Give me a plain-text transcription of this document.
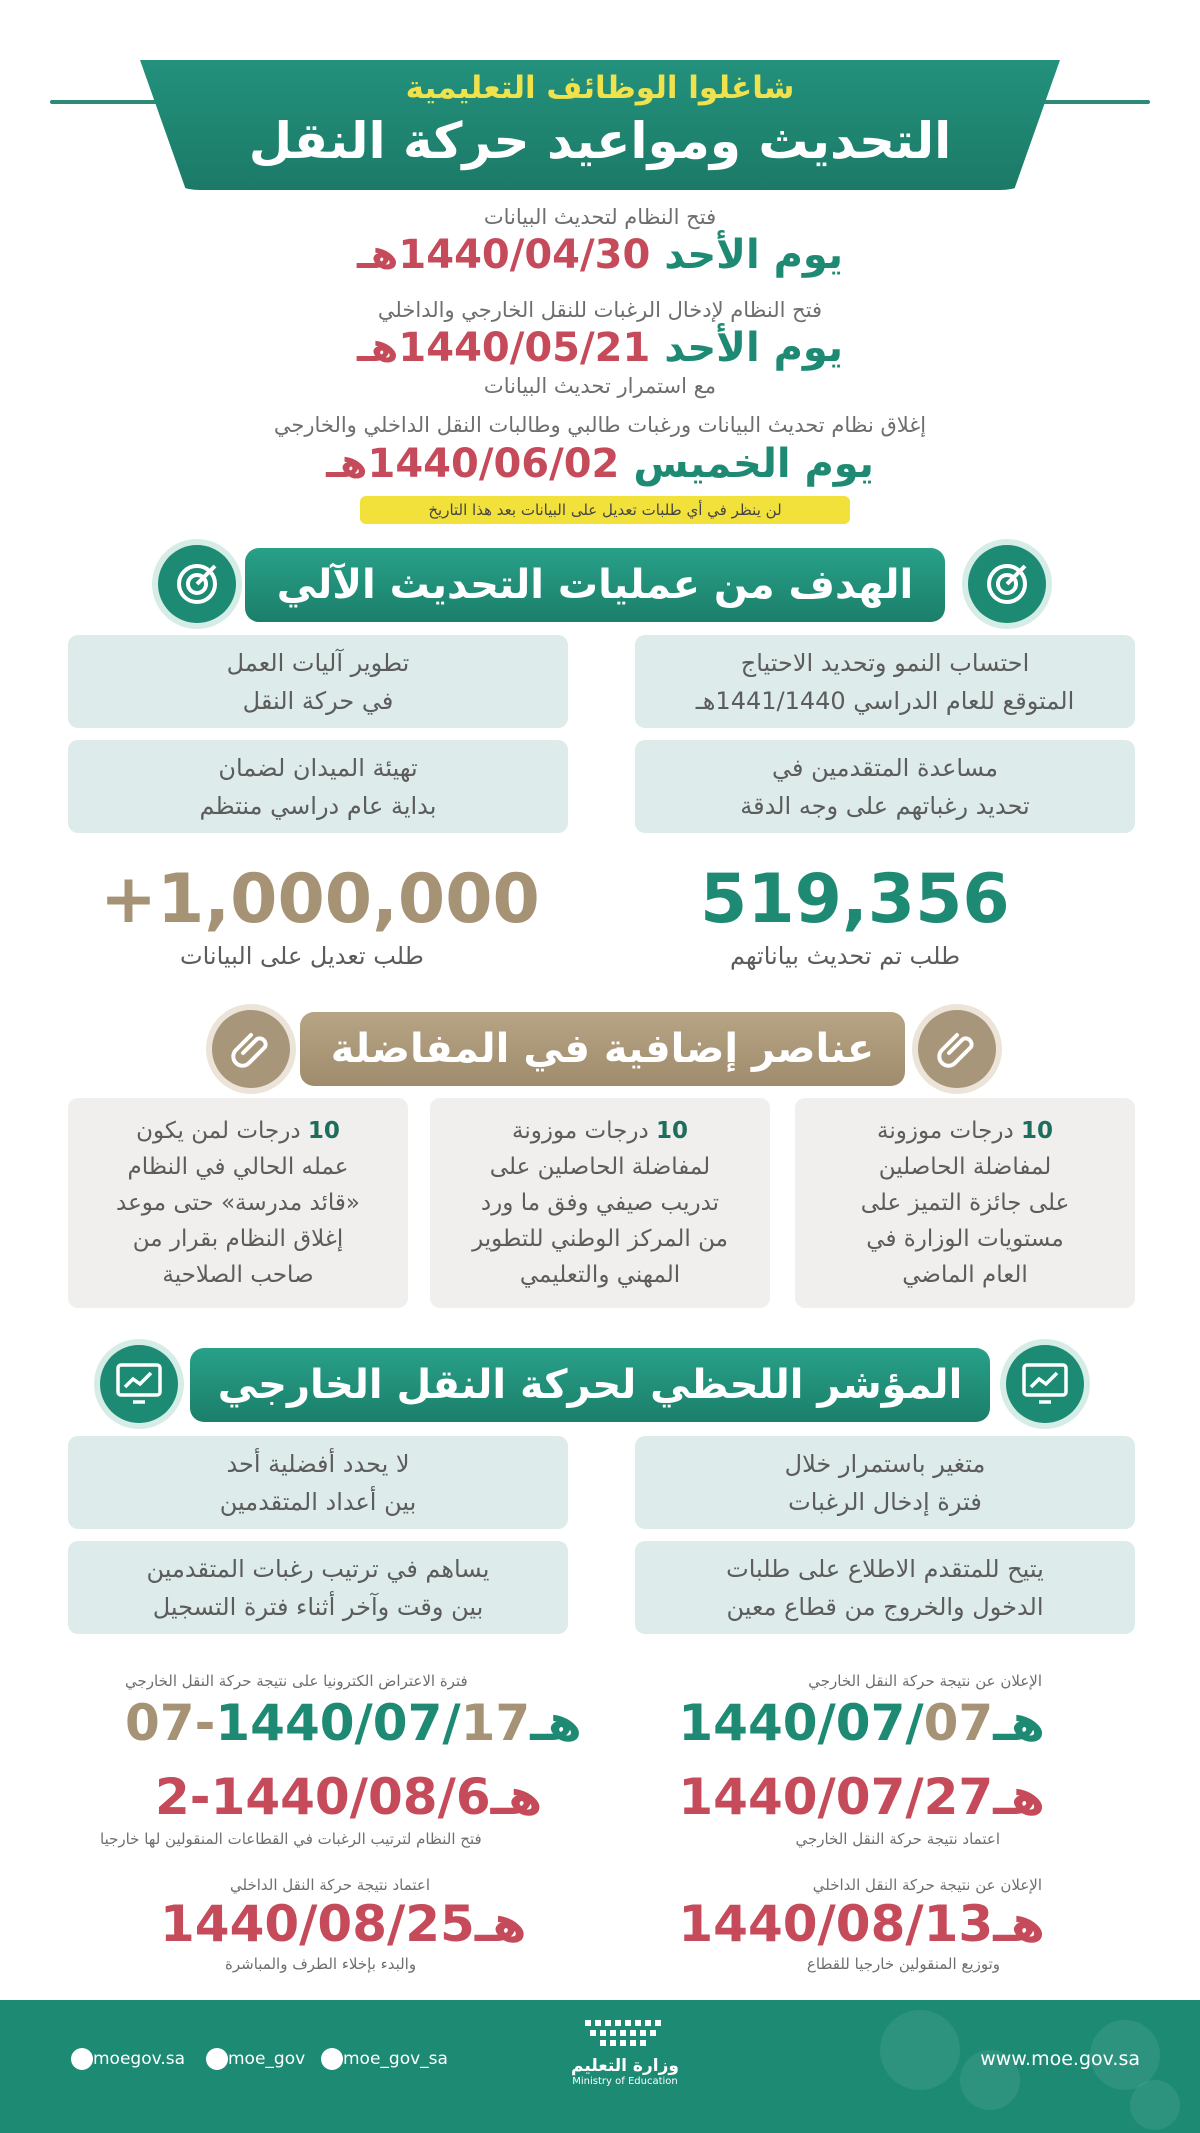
شاغلوا الوظائف التعليمية
التحديث ومواعيد حركة النقل
فتح النظام لتحديث البيانات
يوم الأحد 1440/04/30هـ
فتح النظام لإدخال الرغبات للنقل الخارجي والداخلي
يوم الأحد 1440/05/21هـ
مع استمرار تحديث البيانات
إغلاق نظام تحديث البيانات ورغبات طالبي وطالبات النقل الداخلي والخارجي
يوم الخميس 1440/06/02هـ
لن ينظر في أي طلبات تعديل على البيانات بعد هذا التاريخ
الهدف من عمليات التحديث الآلي
احتساب النمو وتحديد الاحتياج
المتوقع للعام الدراسي 1441/1440هـ
تطوير آليات العمل
في حركة النقل
مساعدة المتقدمين في
تحديد رغباتهم على وجه الدقة
تهيئة الميدان لضمان
بداية عام دراسي منتظم
519,356
طلب تم تحديث بياناتهم
+1,000,000
طلب تعديل على البيانات
عناصر إضافية في المفاضلة
10 درجات موزونة
لمفاضلة الحاصلين
على جائزة التميز على
مستويات الوزارة في
العام الماضي
10 درجات موزونة
لمفاضلة الحاصلين على
تدريب صيفي وفق ما ورد
من المركز الوطني للتطوير
المهني والتعليمي
10 درجات لمن يكون
عمله الحالي في النظام
«قائد مدرسة» حتى موعد
إغلاق النظام بقرار من
صاحب الصلاحية
المؤشر اللحظي لحركة النقل الخارجي
متغير باستمرار خلال
فترة إدخال الرغبات
لا يحدد أفضلية أحد
بين أعداد المتقدمين
يتيح للمتقدم الاطلاع على طلبات
الدخول والخروج من قطاع معين
يساهم في ترتيب رغبات المتقدمين
بين وقت وآخر أثناء فترة التسجيل
الإعلان عن نتيجة حركة النقل الخارجي
1440/07/07هـ
1440/07/27هـ
اعتماد نتيجة حركة النقل الخارجي
الإعلان عن نتيجة حركة النقل الداخلي
1440/08/13هـ
وتوزيع المنقولين خارجيا للقطاع
فترة الاعتراض الكترونيا على نتيجة حركة النقل الخارجي
هـ1440/07/17-07
هـ1440/08/6-2
فتح النظام لترتيب الرغبات في القطاعات المنقولين لها خارجيا
اعتماد نتيجة حركة النقل الداخلي
هـ1440/08/25
والبدء بإخلاء الطرف والمباشرة
www.moe.gov.sa
وزارة التعليم
Ministry of Education
moe_gov_sa
moe_gov
moegov.sa
